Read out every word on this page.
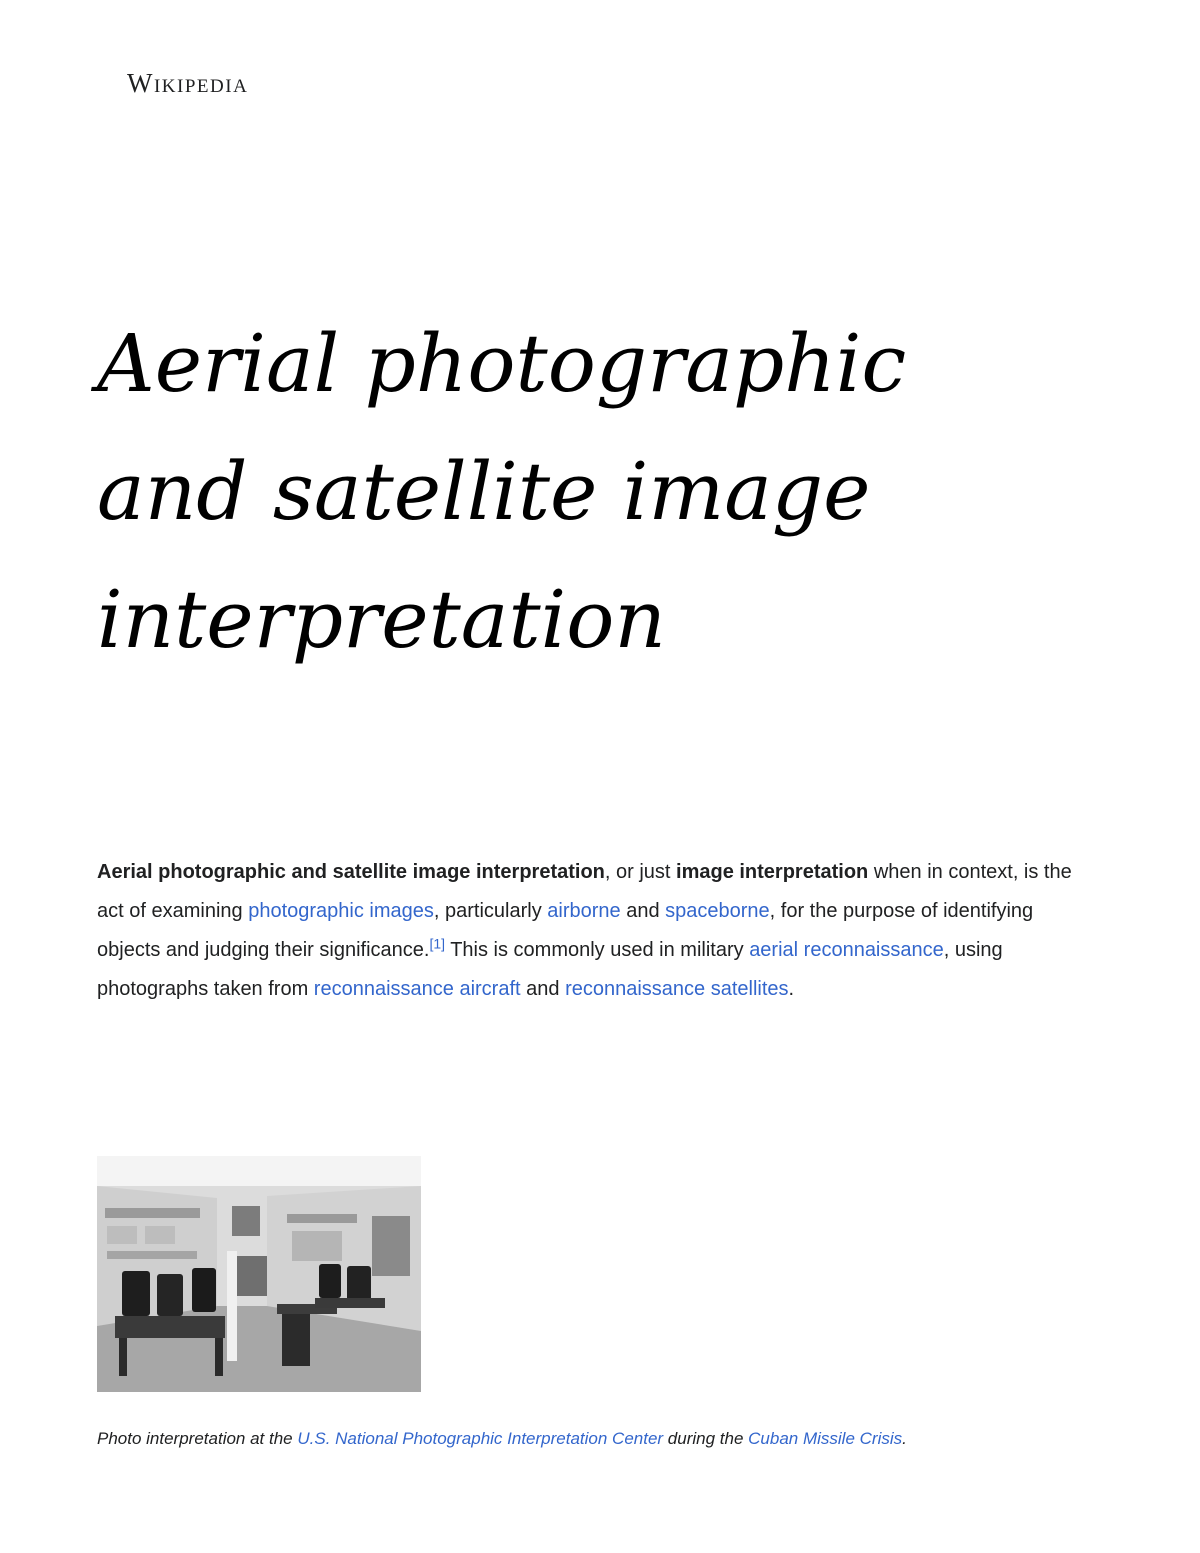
Wikipedia
Aerial photographic
and satellite image
interpretation

Aerial photographic and satellite image interpretation, or just image interpretation when in context, is the act of examining photographic images, particularly airborne and spaceborne, for the purpose of identifying objects and judging their significance.[1] This is commonly used in military aerial reconnaissance, using photographs taken from reconnaissance aircraft and reconnaissance satellites.

Photo interpretation at the U.S. National Photographic Interpretation Center during the Cuban Missile Crisis.
